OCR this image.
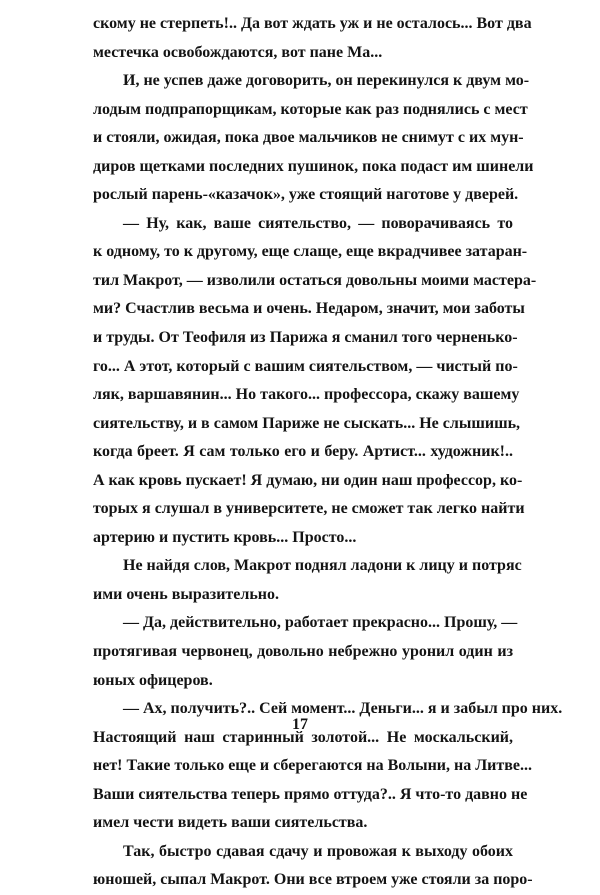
скому не стерпеть!.. Да вот ждать уж и не осталось... Вот два
местечка освобождаются, вот пане Ма...
И, не успев даже договорить, он перекинулся к двум мо-
лодым подпрапорщикам, которые как раз поднялись с мест
и стояли, ожидая, пока двое мальчиков не снимут с их мун-
диров щетками последних пушинок, пока подаст им шинели
рослый парень-«казачок», уже стоящий наготове у дверей.
— Ну, как, ваше сиятельство, — поворачиваясь то
к одному, то к другому, еще слаще, еще вкрадчивее затаран-
тил Макрот, — изволили остаться довольны моими мастера-
ми? Счастлив весьма и очень. Недаром, значит, мои заботы
и труды. От Теофиля из Парижа я сманил того черненько-
го... А этот, который с вашим сиятельством, — чистый по-
ляк, варшавянин... Но такого... профессора, скажу вашему
сиятельству, и в самом Париже не сыскать... Не слышишь,
когда бреет. Я сам только его и беру. Артист... художник!..
А как кровь пускает! Я думаю, ни один наш профессор, ко-
торых я слушал в университете, не сможет так легко найти
артерию и пустить кровь... Просто...
Не найдя слов, Макрот поднял ладони к лицу и потряс
ими очень выразительно.
— Да, действительно, работает прекрасно... Прошу, —
протягивая червонец, довольно небрежно уронил один из
юных офицеров.
— Ах, получить?.. Сей момент... Деньги... я и забыл про них.
Настоящий наш старинный золотой... Не москальский,
нет! Такие только еще и сберегаются на Волыни, на Литве...
Ваши сиятельства теперь прямо оттуда?.. Я что-то давно не
имел чести видеть ваши сиятельства.
Так, быстро сдавая сдачу и провожая к выходу обоих
юношей, сыпал Макрот. Они все втроем уже стояли за поро-
17
